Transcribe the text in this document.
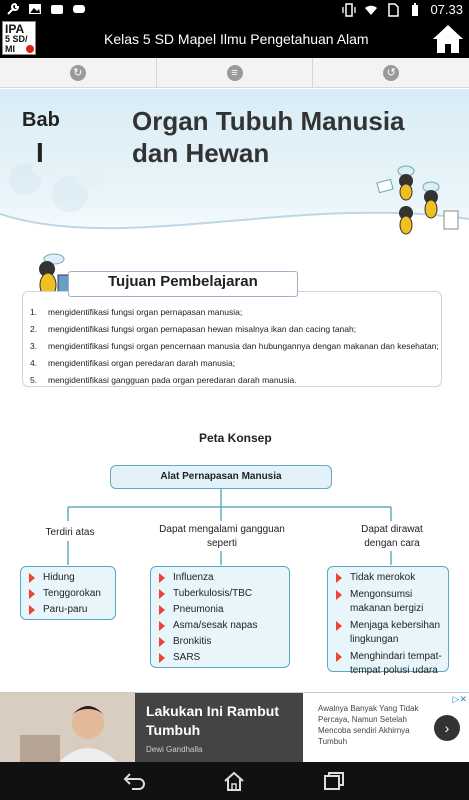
07.33
IPA
5 SD/ MI
Kelas 5 SD Mapel Ilmu Pengetahuan Alam
↻	≡	↺
Bab
I
Organ Tubuh Manusia dan Hewan
Tujuan Pembelajaran
1. mengidentifikasi fungsi organ pernapasan manusia;
2. mengidentifikasi fungsi organ pernapasan hewan misalnya ikan dan cacing tanah;
3. mengidentifikasi fungsi organ pencernaan manusia dan hubungannya dengan makanan dan kesehatan;
4. mengidentifikasi organ peredaran darah manusia;
5. mengidentifikasi gangguan pada organ peredaran darah manusia.
Peta Konsep
Alat Pernapasan Manusia
Terdiri atas	Dapat mengalami gangguan seperti
Dapat dirawat dengan cara
Hidung
Tenggorokan
Paru-paru
Influenza
Tuberkulosis/TBC
Pneumonia
Asma/sesak napas
Bronkitis
SARS
Tidak merokok
Mengonsumsi makanan bergizi
Menjaga kebersihan lingkungan
Menghindari tempat-tempat polusi udara
Lakukan Ini Rambut Tumbuh
Dewi Gandhalla
Awalnya Banyak Yang Tidak Percaya, Namun Setelah Mencoba sendiri Akhirnya Tumbuh
›
▷✕
